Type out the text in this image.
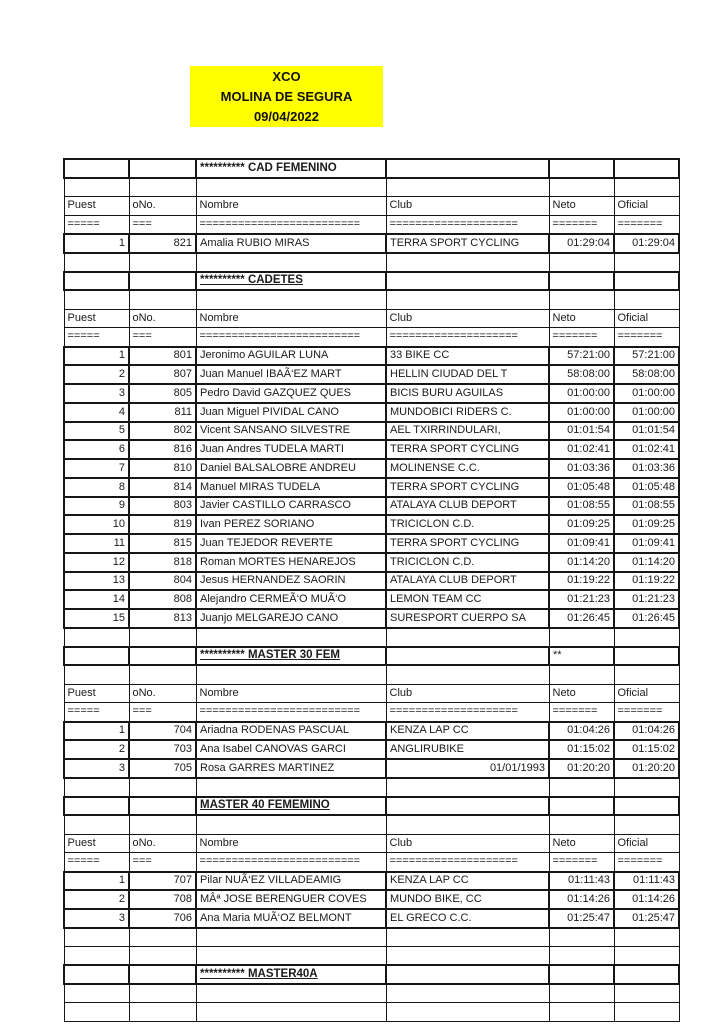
XCO
MOLINA DE SEGURA
09/04/2022
		********** CAD FEMENINO			

Puest	oNo.	Nombre	Club	Neto	Oficial
=====	===	=========================	====================	=======	=======
1	821	Amalia RUBIO MIRAS	TERRA SPORT CYCLING	01:29:04	01:29:04

		********** CADETES			

Puest	oNo.	Nombre	Club	Neto	Oficial
=====	===	=========================	====================	=======	=======
1	801	Jeronimo AGUILAR LUNA	33 BIKE CC	57:21:00	57:21:00
2	807	Juan Manuel IBAÃ‘EZ MART	HELLIN CIUDAD DEL T	58:08:00	58:08:00
3	805	Pedro David GAZQUEZ QUES	BICIS BURU AGUILAS	01:00:00	01:00:00
4	811	Juan Miguel PIVIDAL CANO	MUNDOBICI RIDERS C.	01:00:00	01:00:00
5	802	Vicent SANSANO SILVESTRE	AEL TXIRRINDULARI,	01:01:54	01:01:54
6	816	Juan Andres TUDELA MARTI	TERRA SPORT CYCLING	01:02:41	01:02:41
7	810	Daniel BALSALOBRE ANDREU	MOLINENSE C.C.	01:03:36	01:03:36
8	814	Manuel MIRAS TUDELA	TERRA SPORT CYCLING	01:05:48	01:05:48
9	803	Javier CASTILLO CARRASCO	ATALAYA CLUB DEPORT	01:08:55	01:08:55
10	819	Ivan PEREZ SORIANO	TRICICLON C.D.	01:09:25	01:09:25
11	815	Juan TEJEDOR REVERTE	TERRA SPORT CYCLING	01:09:41	01:09:41
12	818	Roman MORTES HENAREJOS	TRICICLON C.D.	01:14:20	01:14:20
13	804	Jesus HERNANDEZ SAORIN	ATALAYA CLUB DEPORT	01:19:22	01:19:22
14	808	Alejandro CERMEÃ‘O MUÃ‘O	LEMON TEAM CC	01:21:23	01:21:23
15	813	Juanjo MELGAREJO CANO	SURESPORT CUERPO SA	01:26:45	01:26:45

		********** MASTER 30 FEM		**	

Puest	oNo.	Nombre	Club	Neto	Oficial
=====	===	=========================	====================	=======	=======
1	704	Ariadna RODENAS PASCUAL	KENZA LAP CC	01:04:26	01:04:26
2	703	Ana Isabel CANOVAS GARCI	ANGLIRUBIKE	01:15:02	01:15:02
3	705	Rosa GARRES MARTINEZ	01/01/1993	01:20:20	01:20:20

		MASTER 40 FEMEMINO			

Puest	oNo.	Nombre	Club	Neto	Oficial
=====	===	=========================	====================	=======	=======
1	707	Pilar NUÃ‘EZ VILLADEAMIG	KENZA LAP CC	01:11:43	01:11:43
2	708	MÂª JOSE BERENGUER COVES	MUNDO BIKE, CC	01:14:26	01:14:26
3	706	Ana Maria MUÃ‘OZ BELMONT	EL GRECO C.C.	01:25:47	01:25:47

		********** MASTER40A			
